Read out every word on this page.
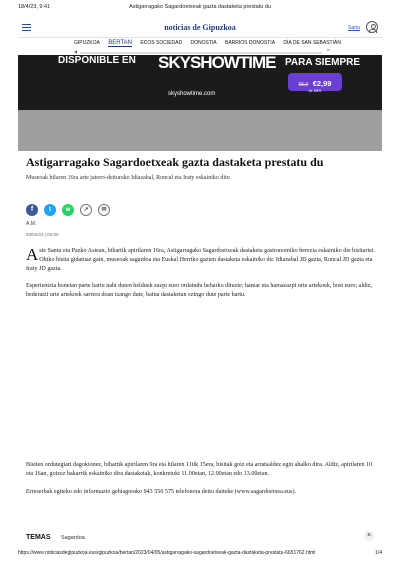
18/4/23, 9:41	Astigarragako Sagardoetxeak gazta dastaketa prestatu du
noticias de Gipuzkoa	Sartu
GIPUZKOA BERTAN ECOS SOCIEDAD DONOSTIA BARRIOS DONOSTIA DÍA DE SAN SEBASTIÁN
◀	×
DISPONIBLE EN SKYSHOWTIME PARA SIEMPRE
€5,9 €2,99
AL MES
skyshowtime.com
Astigarragako Sagardoetxeak gazta dastaketa prestatu du

Museoak hilaren 16ra arte jatorri-deiturako Idiazabal, Roncal eta Iraty eskainiko ditu

f	t w ↗ ✉
A.M.
03/04/23 | 02:00

Aste Santu eta Pazko Astean, bihartik apirilaren 16ra, Astigarragako Sagardoetxeak dastaketa gastronomiko berezia eskainiko die bisitariei. Ohiko bisita gidatuaz gain, museoak sagardoa eta Euskal Herriko gazten dastaketa eskainiko du: Idiazabal JD gazta, Roncal JD gazta eta Iraty JD gazta.

Esperientzia honetan parte hartu nahi duten helduek zazpi euro ordaindu beharko dituzte; hamar eta hamazazpi urte artekoek, bost euro; aldiz, bederatzi urte artekoek sarrera doan izango dute, baina dastaketan ezingo dute parte hartu.

Bisiten ordutegiari dagokionez, bihartik apirilaren 9ra eta hilaren 11tik 15era, bisitak goiz eta arratsaldez egin ahalko dira. Aldiz, apirilaren 10 eta 16an, goizez bakarrik eskainiko dira dastaketak, konkretuki 11.00etan, 12.00etan edo 13.00etan.

Erreserbak egiteko edo informazio gehiagorako 943 550 575 telefonora deitu daiteke (www.sagardoetxea.eus).

TEMAS Sagardoa	×
https://www.noticiasdegipuzkoa.eus/gipuzkoa/bertan/2023/04/05/astigarragako-sagardoetxeak-gazta-dastaketa-prestatu-6651762.html	1/4
